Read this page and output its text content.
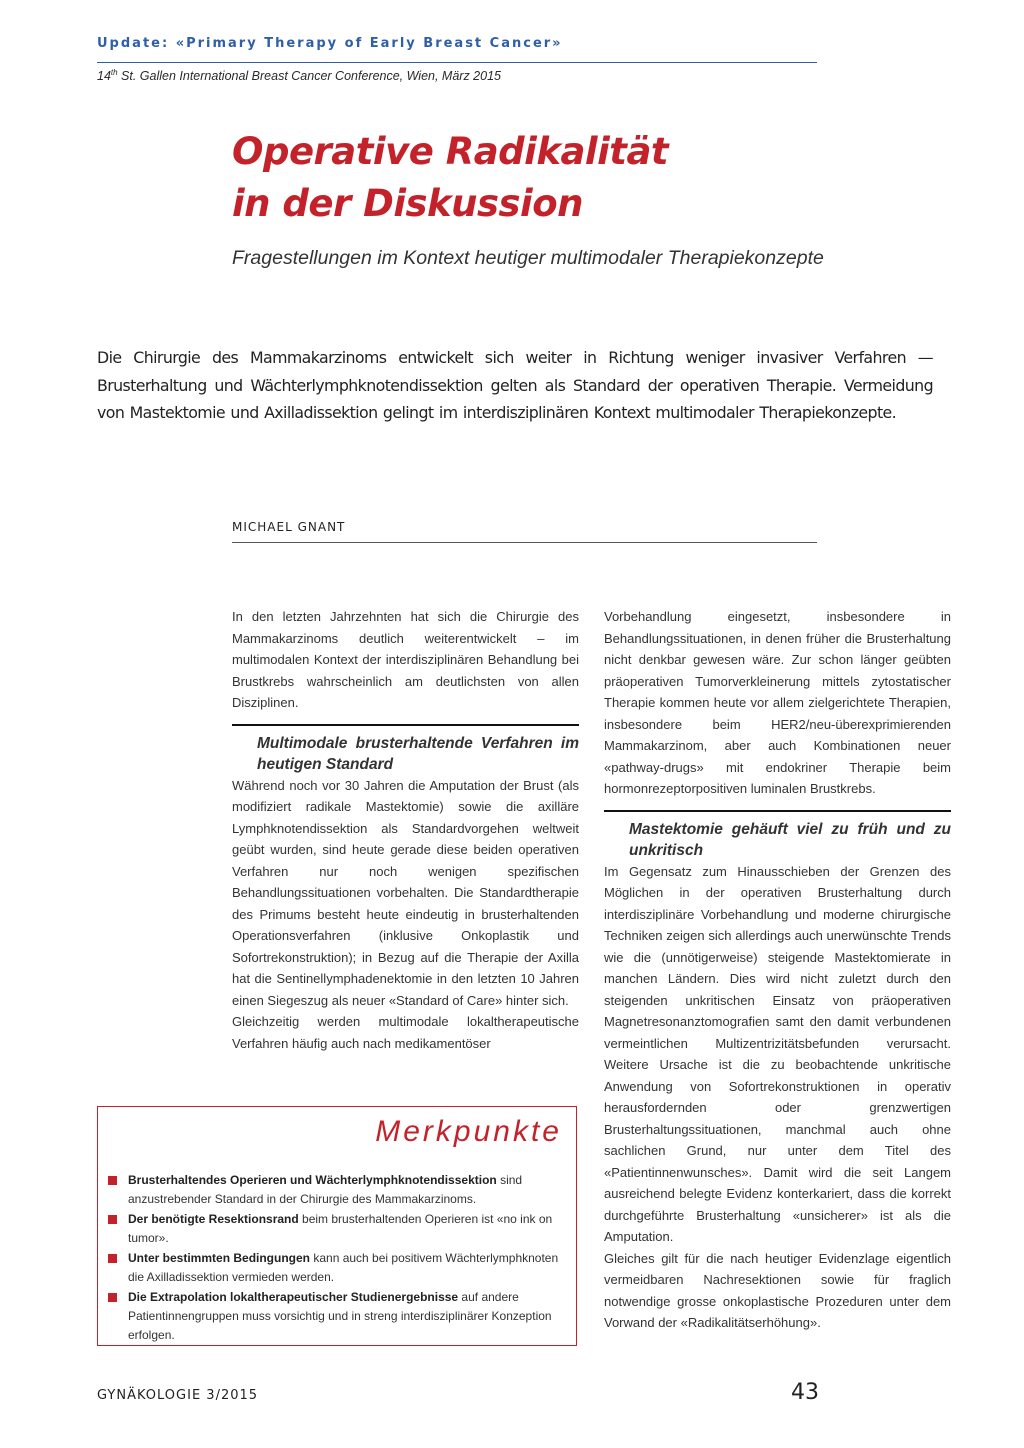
Update: «Primary Therapy of Early Breast Cancer»
14th St. Gallen International Breast Cancer Conference, Wien, März 2015
Operative Radikalität
in der Diskussion
Fragestellungen im Kontext heutiger multimodaler Therapiekonzepte

Die Chirurgie des Mammakarzinoms entwickelt sich weiter in Richtung weniger invasiver Verfahren — Brusterhaltung und Wächterlymphknotendissektion gelten als Standard der operativen Therapie. Vermeidung von Mastektomie und Axilladissektion gelingt im interdisziplinären Kontext multimodaler Therapiekonzepte.

MICHAEL GNANT

In den letzten Jahrzehnten hat sich die Chirurgie des Mammakarzinoms deutlich weiterentwickelt – im multimodalen Kontext der interdisziplinären Behandlung bei Brustkrebs wahrscheinlich am deutlichsten von allen Disziplinen.

Multimodale brusterhaltende Verfahren im heutigen Standard

Während noch vor 30 Jahren die Amputation der Brust (als modifiziert radikale Mastektomie) sowie die axilläre Lymphknotendissektion als Standardvorgehen weltweit geübt wurden, sind heute gerade diese beiden operativen Verfahren nur noch wenigen spezifischen Behandlungssituationen vorbehalten. Die Standardtherapie des Primums besteht heute eindeutig in brusterhaltenden Operationsverfahren (inklusive Onkoplastik und Sofortrekonstruktion); in Bezug auf die Therapie der Axilla hat die Sentinellymphadenektomie in den letzten 10 Jahren einen Siegeszug als neuer «Standard of Care» hinter sich.

Gleichzeitig werden multimodale lokaltherapeutische Verfahren häufig auch nach medikamentöser

Vorbehandlung eingesetzt, insbesondere in Behandlungssituationen, in denen früher die Brusterhaltung nicht denkbar gewesen wäre. Zur schon länger geübten präoperativen Tumorverkleinerung mittels zytostatischer Therapie kommen heute vor allem zielgerichtete Therapien, insbesondere beim HER2/neu-überexprimierenden Mammakarzinom, aber auch Kombinationen neuer «pathway-drugs» mit endokriner Therapie beim hormonrezeptorpositiven luminalen Brustkrebs.

Mastektomie gehäuft viel zu früh und zu unkritisch

Im Gegensatz zum Hinausschieben der Grenzen des Möglichen in der operativen Brusterhaltung durch interdisziplinäre Vorbehandlung und moderne chirurgische Techniken zeigen sich allerdings auch unerwünschte Trends wie die (unnötigerweise) steigende Mastektomierate in manchen Ländern. Dies wird nicht zuletzt durch den steigenden unkritischen Einsatz von präoperativen Magnetresonanztomografien samt den damit verbundenen vermeintlichen Multizentrizitätsbefunden verursacht. Weitere Ursache ist die zu beobachtende unkritische Anwendung von Sofortrekonstruktionen in operativ herausfordernden oder grenzwertigen Brusterhaltungssituationen, manchmal auch ohne sachlichen Grund, nur unter dem Titel des «Patientinnenwunsches». Damit wird die seit Langem ausreichend belegte Evidenz konterkariert, dass die korrekt durchgeführte Brusterhaltung «unsicherer» ist als die Amputation.

Gleiches gilt für die nach heutiger Evidenzlage eigentlich vermeidbaren Nachresektionen sowie für fraglich notwendige grosse onkoplastische Prozeduren unter dem Vorwand der «Radikalitätserhöhung».

Merkpunkte
Brusterhaltendes Operieren und Wächterlymphknotendissektion sind anzustrebender Standard in der Chirurgie des Mammakarzinoms.
Der benötigte Resektionsrand beim brusterhaltenden Operieren ist «no ink on tumor».
Unter bestimmten Bedingungen kann auch bei positivem Wächterlymphknoten die Axilladissektion vermieden werden.
Die Extrapolation lokaltherapeutischer Studienergebnisse auf andere Patientinnengruppen muss vorsichtig und in streng interdisziplinärer Konzeption erfolgen.
GYNÄKOLOGIE 3/2015	43
